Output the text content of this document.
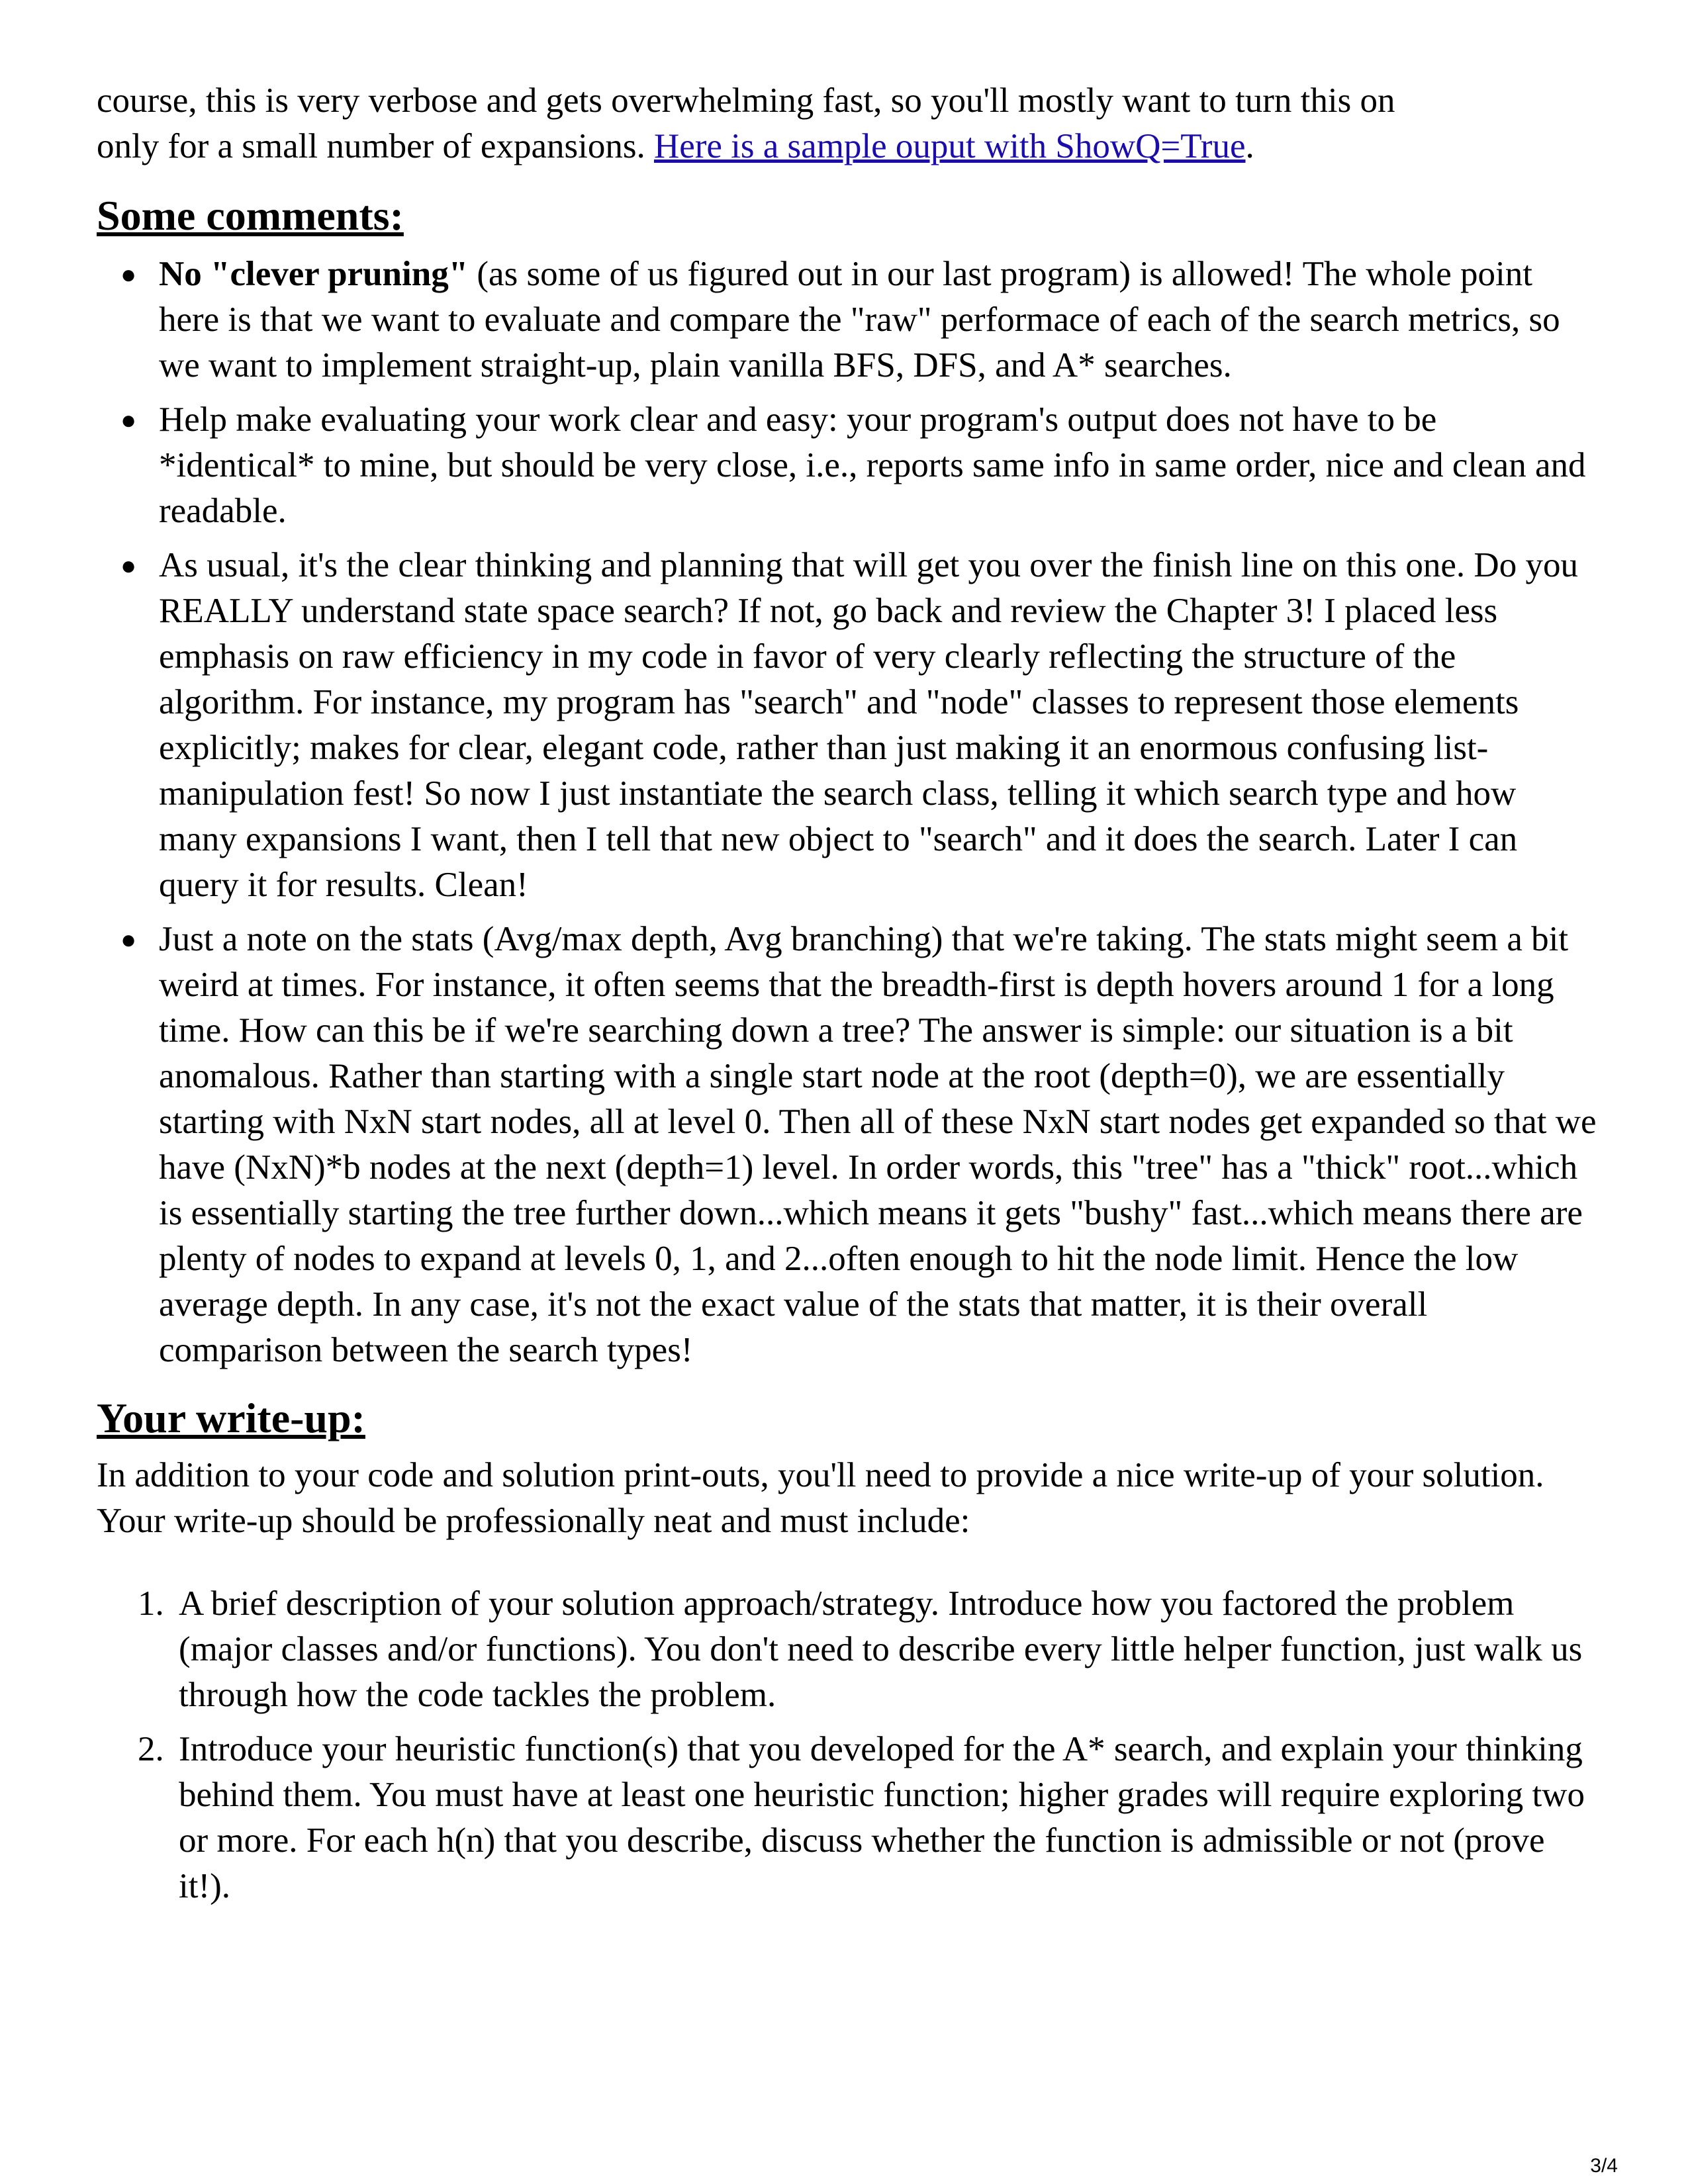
course, this is very verbose and gets overwhelming fast, so you'll mostly want to turn this on
only for a small number of expansions. Here is a sample ouput with ShowQ=True.

Some comments:
● No "clever pruning" (as some of us figured out in our last program) is allowed! The whole point here is that we want to evaluate and compare the "raw" performace of each of the search metrics, so we want to implement straight-up, plain vanilla BFS, DFS, and A* searches.
● Help make evaluating your work clear and easy: your program's output does not have to be *identical* to mine, but should be very close, i.e., reports same info in same order, nice and clean and readable.
● As usual, it's the clear thinking and planning that will get you over the finish line on this one. Do you REALLY understand state space search? If not, go back and review the Chapter 3! I placed less emphasis on raw efficiency in my code in favor of very clearly reflecting the structure of the algorithm. For instance, my program has "search" and "node" classes to represent those elements explicitly; makes for clear, elegant code, rather than just making it an enormous confusing list-manipulation fest! So now I just instantiate the search class, telling it which search type and how many expansions I want, then I tell that new object to "search" and it does the search. Later I can query it for results. Clean!
● Just a note on the stats (Avg/max depth, Avg branching) that we're taking. The stats might seem a bit weird at times. For instance, it often seems that the breadth-first is depth hovers around 1 for a long time. How can this be if we're searching down a tree? The answer is simple: our situation is a bit anomalous. Rather than starting with a single start node at the root (depth=0), we are essentially starting with NxN start nodes, all at level 0. Then all of these NxN start nodes get expanded so that we have (NxN)*b nodes at the next (depth=1) level. In order words, this "tree" has a "thick" root...which is essentially starting the tree further down...which means it gets "bushy" fast...which means there are plenty of nodes to expand at levels 0, 1, and 2...often enough to hit the node limit. Hence the low average depth. In any case, it's not the exact value of the stats that matter, it is their overall comparison between the search types!
Your write-up:

In addition to your code and solution print-outs, you'll need to provide a nice write-up of your solution. Your write-up should be professionally neat and must include:

1. A brief description of your solution approach/strategy. Introduce how you factored the problem (major classes and/or functions). You don't need to describe every little helper function, just walk us through how the code tackles the problem.
2. Introduce your heuristic function(s) that you developed for the A* search, and explain your thinking behind them. You must have at least one heuristic function; higher grades will require exploring two or more. For each h(n) that you describe, discuss whether the function is admissible or not (prove it!).
3/4
